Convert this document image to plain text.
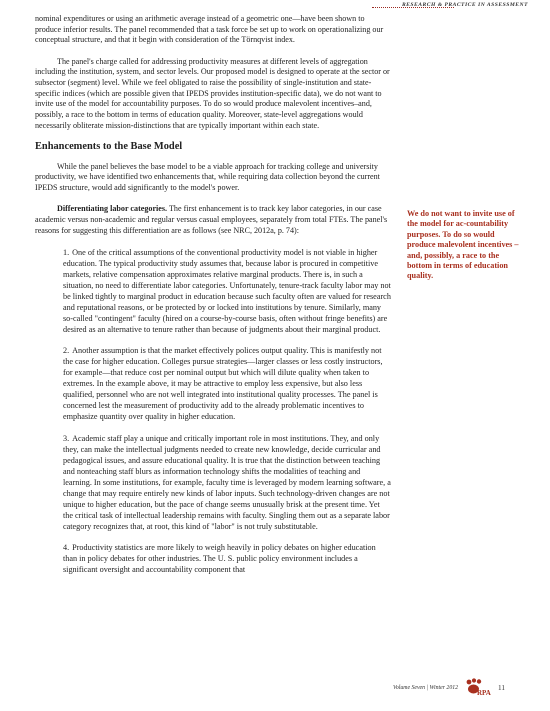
RESEARCH & PRACTICE IN ASSESSMENT

nominal expenditures or using an arithmetic average instead of a geometric one—have been shown to produce inferior results. The panel recommended that a task force be set up to work on operationalizing our conceptual structure, and that it begin with consideration of the Törnqvist index.

The panel's charge called for addressing productivity measures at different levels of aggregation including the institution, system, and sector levels. Our proposed model is designed to operate at the sector or subsector (segment) level. While we feel obligated to raise the possibility of single-institution and state-specific indices (which are possible given that IPEDS provides institution-specific data), we do not want to invite use of the model for accountability purposes. To do so would produce malevolent incentives–and, possibly, a race to the bottom in terms of education quality. Moreover, state-level aggregations would necessarily obliterate mission-distinctions that are typically important within each state.

Enhancements to the Base Model

While the panel believes the base model to be a viable approach for tracking college and university productivity, we have identified two enhancements that, while requiring data collection beyond the current IPEDS structure, would add significantly to the model's power.

Differentiating labor categories. The first enhancement is to track key labor categories, in our case academic versus non-academic and regular versus casual employees, separately from total FTEs. The panel's reasons for suggesting this differentiation are as follows (see NRC, 2012a, p. 74):

1. One of the critical assumptions of the conventional productivity model is not viable in higher education. The typical productivity study assumes that, because labor is procured in competitive markets, relative compensation approximates relative marginal products. There is, in such a situation, no need to differentiate labor categories. Unfortunately, tenure-track faculty labor may not be linked tightly to marginal product in education because such faculty often are valued for research and reputational reasons, or be protected by or locked into institutions by tenure. Similarly, many so-called "contingent" faculty (hired on a course-by-course basis, often without fringe benefits) are desired as an alternative to tenure rather than because of judgments about their marginal product.

2. Another assumption is that the market effectively polices output quality. This is manifestly not the case for higher education. Colleges pursue strategies—larger classes or less costly instructors, for example—that reduce cost per nominal output but which will dilute quality when taken to extremes. In the example above, it may be attractive to employ less expensive, but also less qualified, personnel who are not well integrated into institutional quality processes. The panel is concerned lest the measurement of productivity add to the already problematic incentives to emphasize quantity over quality in higher education.

3. Academic staff play a unique and critically important role in most institutions. They, and only they, can make the intellectual judgments needed to create new knowledge, decide curricular and pedagogical issues, and assure educational quality. It is true that the distinction between teaching and nonteaching staff blurs as information technology shifts the modalities of teaching and learning. In some institutions, for example, faculty time is leveraged by modern learning software, a change that may require entirely new kinds of labor inputs. Such technology-driven changes are not unique to higher education, but the pace of change seems unusually brisk at the present time. Yet the critical task of intellectual leadership remains with faculty. Singling them out as a separate labor category recognizes that, at root, this kind of "labor" is not truly substitutable.

4. Productivity statistics are more likely to weigh heavily in policy debates on higher education than in policy debates for other industries. The U. S. public policy environment includes a significant oversight and accountability component that

We do not want to invite use of the model for ac-countability purposes. To do so would produce malevolent incentives – and, possibly, a race to the bottom in terms of education quality.
Volume Seven | Winter 2012
RPA
11
